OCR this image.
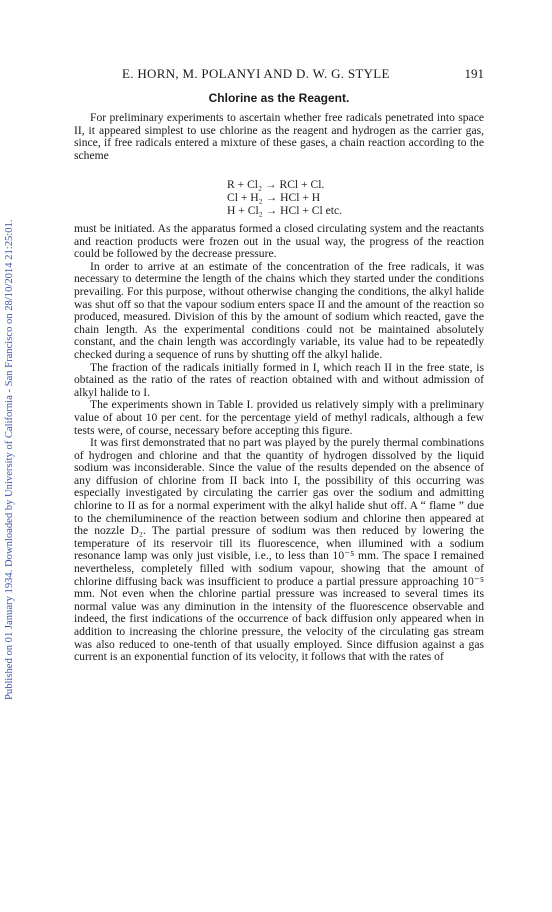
Published on 01 January 1934. Downloaded by University of California - San Francisco on 28/10/2014 21:25:01.
E. HORN, M. POLANYI AND D. W. G. STYLE	191
Chlorine as the Reagent.

For preliminary experiments to ascertain whether free radicals penetrated into space II, it appeared simplest to use chlorine as the reagent and hydrogen as the carrier gas, since, if free radicals entered a mixture of these gases, a chain reaction according to the scheme

R + Cl₂ → RCl + Cl.
Cl + H₂ → HCl + H
H + Cl₂ → HCl + Cl etc.

must be initiated. As the apparatus formed a closed circulating system and the reactants and reaction products were frozen out in the usual way, the progress of the reaction could be followed by the decrease pressure.

In order to arrive at an estimate of the concentration of the free radicals, it was necessary to determine the length of the chains which they started under the conditions prevailing. For this purpose, without otherwise changing the conditions, the alkyl halide was shut off so that the vapour sodium enters space II and the amount of the reaction so produced, measured. Division of this by the amount of sodium which reacted, gave the chain length. As the experimental conditions could not be maintained absolutely constant, and the chain length was accordingly variable, its value had to be repeatedly checked during a sequence of runs by shutting off the alkyl halide.

The fraction of the radicals initially formed in I, which reach II in the free state, is obtained as the ratio of the rates of reaction obtained with and without admission of alkyl halide to I.

The experiments shown in Table I. provided us relatively simply with a preliminary value of about 10 per cent. for the percentage yield of methyl radicals, although a few tests were, of course, necessary before accepting this figure.

It was first demonstrated that no part was played by the purely thermal combinations of hydrogen and chlorine and that the quantity of hydrogen dissolved by the liquid sodium was inconsiderable. Since the value of the results depended on the absence of any diffusion of chlorine from II back into I, the possibility of this occurring was especially investigated by circulating the carrier gas over the sodium and admitting chlorine to II as for a normal experiment with the alkyl halide shut off. A “ flame ” due to the chemiluminence of the reaction between sodium and chlorine then appeared at the nozzle D₂. The partial pressure of sodium was then reduced by lowering the temperature of its reservoir till its fluorescence, when illumined with a sodium resonance lamp was only just visible, i.e., to less than 10⁻⁵ mm. The space I remained nevertheless, completely filled with sodium vapour, showing that the amount of chlorine diffusing back was insufficient to produce a partial pressure approaching 10⁻⁵ mm. Not even when the chlorine partial pressure was increased to several times its normal value was any diminution in the intensity of the fluorescence observable and indeed, the first indications of the occurrence of back diffusion only appeared when in addition to increasing the chlorine pressure, the velocity of the circulating gas stream was also reduced to one-tenth of that usually employed. Since diffusion against a gas current is an exponential function of its velocity, it follows that with the rates of
